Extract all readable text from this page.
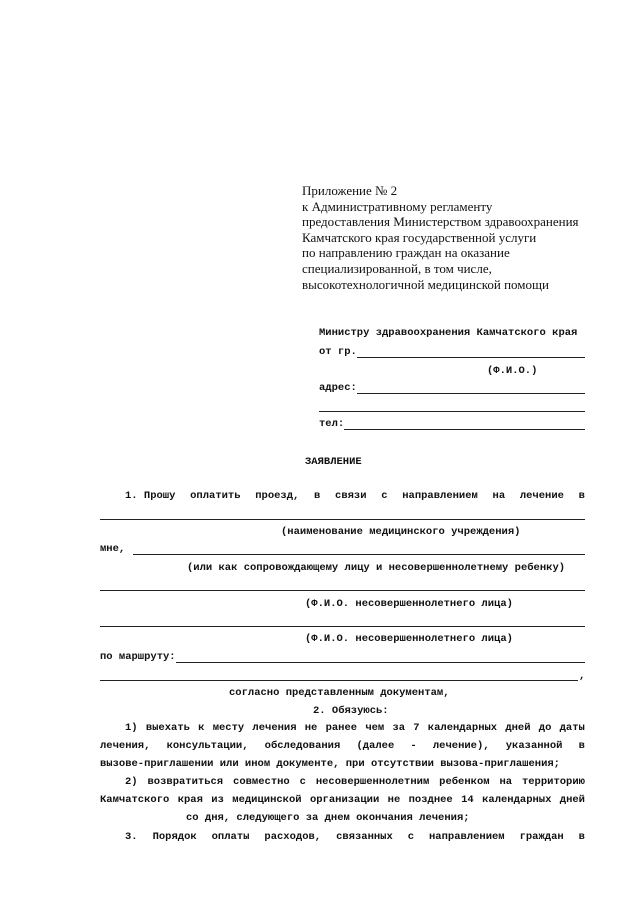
Приложение № 2
к Административному регламенту
предоставления Министерством здравоохранения
Камчатского края государственной услуги
по направлению граждан на оказание
специализированной, в том числе,
высокотехнологичной медицинской помощи
Министру здравоохранения Камчатского края
от гр.
(Ф.И.О.)
адрес:
тел:
ЗАЯВЛЕНИЕ
1. Прошу оплатить проезд, в связи с направлением на лечение в
(наименование медицинского учреждения)
мне,
(или как сопровождающему лицу и несовершеннолетнему ребенку)
(Ф.И.О. несовершеннолетнего лица)
(Ф.И.О. несовершеннолетнего лица)
по маршруту:
,
согласно представленным документам,
2. Обязуюсь:
1) выехать к месту лечения не ранее чем за 7 календарных дней до даты
лечения, консультации, обследования (далее - лечение), указанной в
вызове-приглашении или ином документе, при отсутствии вызова-приглашения;
2) возвратиться совместно с несовершеннолетним ребенком на территорию
Камчатского края из медицинской организации не позднее 14 календарных дней
со дня, следующего за днем окончания лечения;
3. Порядок оплаты расходов, связанных с направлением граждан в
